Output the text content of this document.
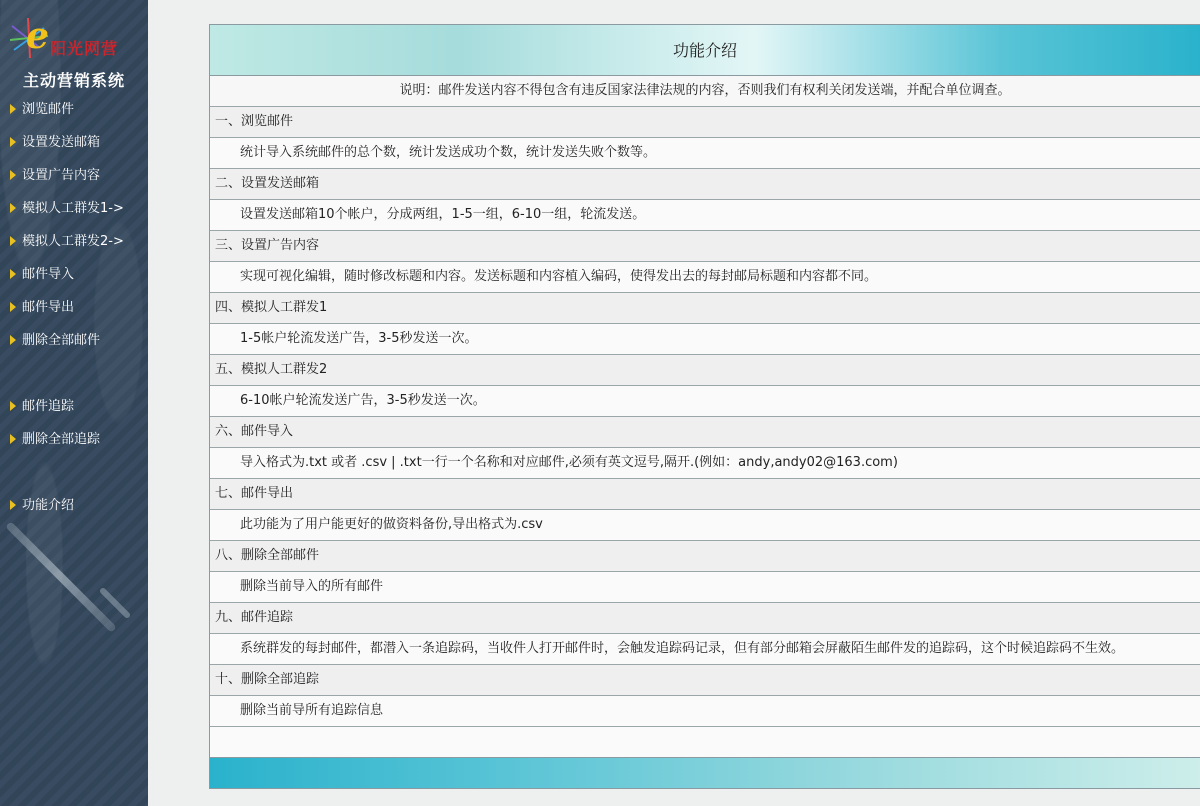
e 阳光网营
主动营销系统
浏览邮件
设置发送邮箱
设置广告内容
模拟人工群发1->
模拟人工群发2->
邮件导入
邮件导出
删除全部邮件
邮件追踪
删除全部追踪
功能介绍
功能介绍
说明：邮件发送内容不得包含有违反国家法律法规的内容，否则我们有权利关闭发送端，并配合单位调查。
一、浏览邮件
统计导入系统邮件的总个数，统计发送成功个数，统计发送失败个数等。
二、设置发送邮箱
设置发送邮箱10个帐户，分成两组，1-5一组，6-10一组，轮流发送。
三、设置广告内容
实现可视化编辑，随时修改标题和内容。发送标题和内容植入编码，使得发出去的每封邮局标题和内容都不同。
四、模拟人工群发1
1-5帐户轮流发送广告，3-5秒发送一次。
五、模拟人工群发2
6-10帐户轮流发送广告，3-5秒发送一次。
六、邮件导入
导入格式为.txt 或者 .csv | .txt一行一个名称和对应邮件,必须有英文逗号,隔开.(例如：andy,andy02@163.com)
七、邮件导出
此功能为了用户能更好的做资料备份,导出格式为.csv
八、删除全部邮件
删除当前导入的所有邮件
九、邮件追踪
系统群发的每封邮件，都潜入一条追踪码，当收件人打开邮件时，会触发追踪码记录，但有部分邮箱会屏蔽陌生邮件发的追踪码，这个时候追踪码不生效。
十、删除全部追踪
删除当前导所有追踪信息
